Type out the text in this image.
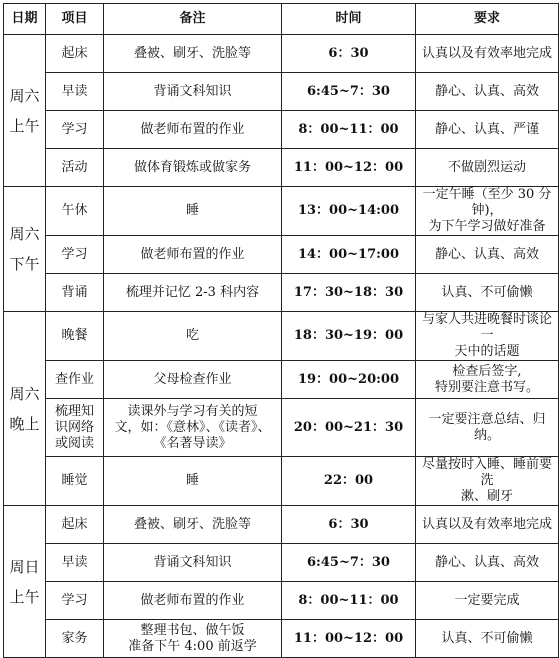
日期	项目	备注	时间	要求
周六
上午	起床	叠被、刷牙、洗脸等	6：30	认真以及有效率地完成
	早读	背诵文科知识	6:45~7：30	静心、认真、高效
	学习	做老师布置的作业	8：00~11：00	静心、认真、严谨
	活动	做体育锻炼或做家务	11：00~12：00	不做剧烈运动
周六
下午	午休	睡	13：00~14:00	一定午睡（至少 30 分钟)，
为下午学习做好准备
	学习	做老师布置的作业	14：00~17:00	静心、认真、高效
	背诵	梳理并记忆 2-3 科内容	17：30~18：30	认真、不可偷懒
周六
晚上	晚餐	吃	18：30~19：00	与家人共进晚餐时谈论一
天中的话题
	查作业	父母检查作业	19：00~20:00	检查后签字,
特别要注意书写。
	梳理知
识网络
或阅读	读课外与学习有关的短
文，如：《意林》、《读者》、
《名著导读》	20：00~21：30	一定要注意总结、归纳。
	睡觉	睡	22：00	尽量按时入睡、睡前要洗
漱、刷牙
周日
上午	起床	叠被、刷牙、洗脸等	6：30	认真以及有效率地完成
	早读	背诵文科知识	6:45~7：30	静心、认真、高效
	学习	做老师布置的作业	8：00~11：00	一定要完成
	家务	整理书包、做午饭
准备下午 4:00 前返学	11：00~12：00	认真、不可偷懒
